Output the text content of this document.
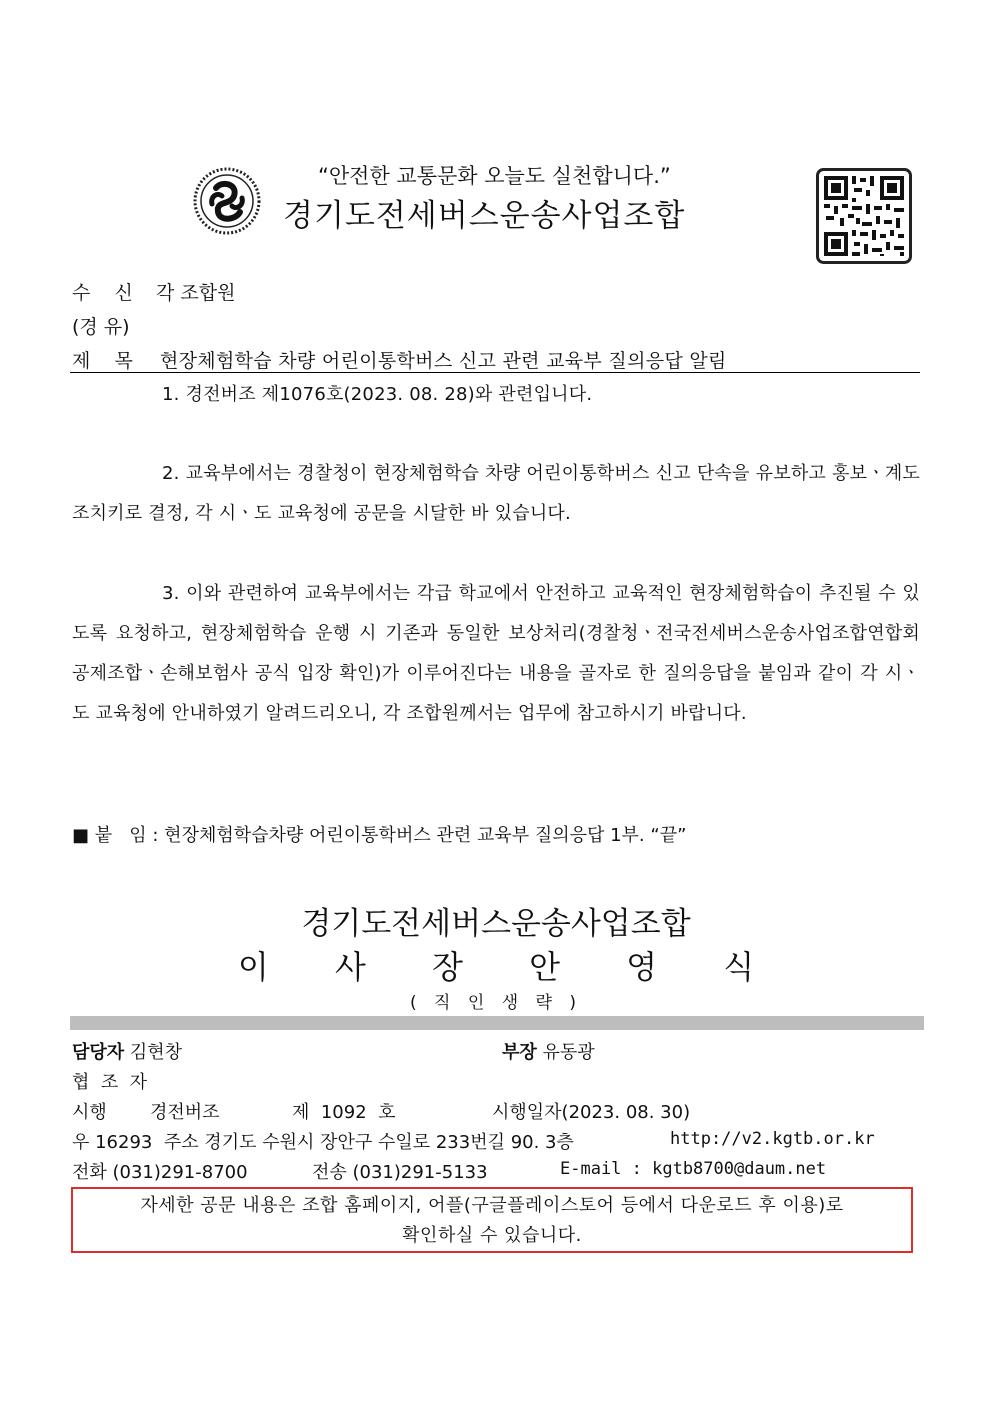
“안전한 교통문화 오늘도 실천합니다.”
경기도전세버스운송사업조합
수    신 각 조합원
(경 유)
제    목 현장체험학습 차량 어린이통학버스 신고 관련 교육부 질의응답 알림
1. 경전버조 제1076호(2023. 08. 28)와 관련입니다.
2. 교육부에서는 경찰청이 현장체험학습 차량 어린이통학버스 신고 단속을 유보하고 홍보ㆍ계도 조치키로 결정, 각 시ㆍ도 교육청에 공문을 시달한 바 있습니다.
3. 이와 관련하여 교육부에서는 각급 학교에서 안전하고 교육적인 현장체험학습이 추진될 수 있도록 요청하고, 현장체험학습 운행 시 기존과 동일한 보상처리(경찰청ㆍ전국전세버스운송사업조합연합회 공제조합ㆍ손해보험사 공식 입장 확인)가 이루어진다는 내용을 골자로 한 질의응답을 붙임과 같이 각 시ㆍ도 교육청에 안내하였기 알려드리오니, 각 조합원께서는 업무에 참고하시기 바랍니다.
■ 붙   임 : 현장체험학습차량 어린이통학버스 관련 교육부 질의응답 1부. “끝”
경기도전세버스운송사업조합
이 사 장 안 영 식
( 직 인 생 략 )
담당자 김현창	부장 유동광
협  조  자
시행 경전버조	제  1092  호	시행일자(2023. 08. 30)
우 16293  주소 경기도 수원시 장안구 수일로 233번길 90. 3층	http://v2.kgtb.or.kr
전화 (031)291-8700	전송 (031)291-5133	E-mail : kgtb8700@daum.net
자세한 공문 내용은 조합 홈페이지, 어플(구글플레이스토어 등에서 다운로드 후 이용)로
확인하실 수 있습니다.
